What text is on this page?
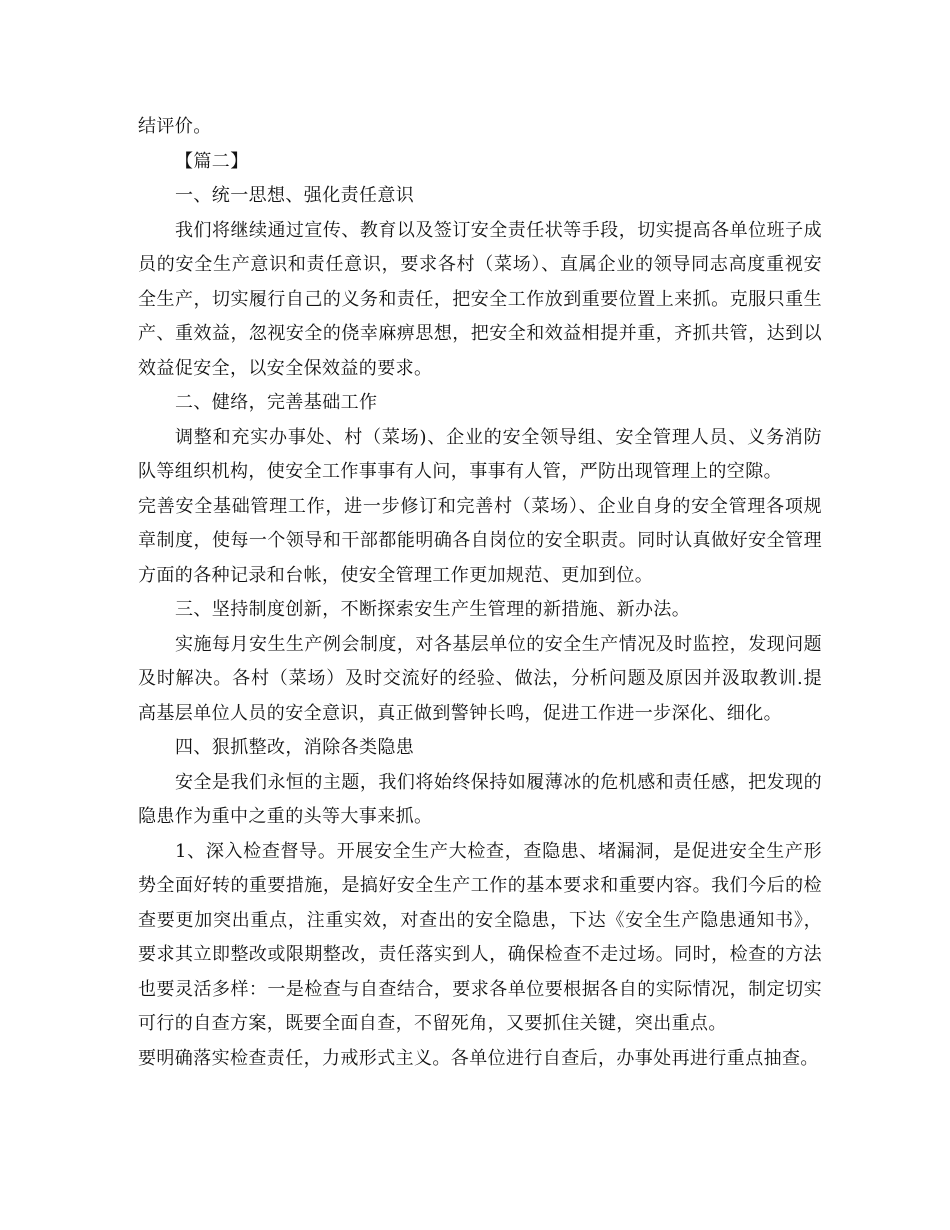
结评价。

【篇二】

一、统一思想、强化责任意识

我们将继续通过宣传、教育以及签订安全责任状等手段，切实提高各单位班子成员的安全生产意识和责任意识，要求各村（菜场）、直属企业的领导同志高度重视安全生产，切实履行自己的义务和责任，把安全工作放到重要位置上来抓。克服只重生产、重效益，忽视安全的侥幸麻痹思想，把安全和效益相提并重，齐抓共管，达到以效益促安全，以安全保效益的要求。

二、健络，完善基础工作

调整和充实办事处、村（菜场)、企业的安全领导组、安全管理人员、义务消防队等组织机构，使安全工作事事有人问，事事有人管，严防出现管理上的空隙。

完善安全基础管理工作，进一步修订和完善村（菜场）、企业自身的安全管理各项规章制度，使每一个领导和干部都能明确各自岗位的安全职责。同时认真做好安全管理方面的各种记录和台帐，使安全管理工作更加规范、更加到位。

三、坚持制度创新，不断探索安生产生管理的新措施、新办法。

实施每月安生生产例会制度，对各基层单位的安全生产情况及时监控，发现问题及时解决。各村（菜场）及时交流好的经验、做法，分析问题及原因并汲取教训.提高基层单位人员的安全意识，真正做到警钟长鸣，促进工作进一步深化、细化。

四、狠抓整改，消除各类隐患

安全是我们永恒的主题，我们将始终保持如履薄冰的危机感和责任感，把发现的隐患作为重中之重的头等大事来抓。

1、深入检查督导。开展安全生产大检查，查隐患、堵漏洞，是促进安全生产形势全面好转的重要措施，是搞好安全生产工作的基本要求和重要内容。我们今后的检查要更加突出重点，注重实效，对查出的安全隐患，下达《安全生产隐患通知书》，要求其立即整改或限期整改，责任落实到人，确保检查不走过场。同时，检查的方法也要灵活多样：一是检查与自查结合，要求各单位要根据各自的实际情况，制定切实可行的自查方案，既要全面自查，不留死角，又要抓住关键，突出重点。

要明确落实检查责任，力戒形式主义。各单位进行自查后，办事处再进行重点抽查。
